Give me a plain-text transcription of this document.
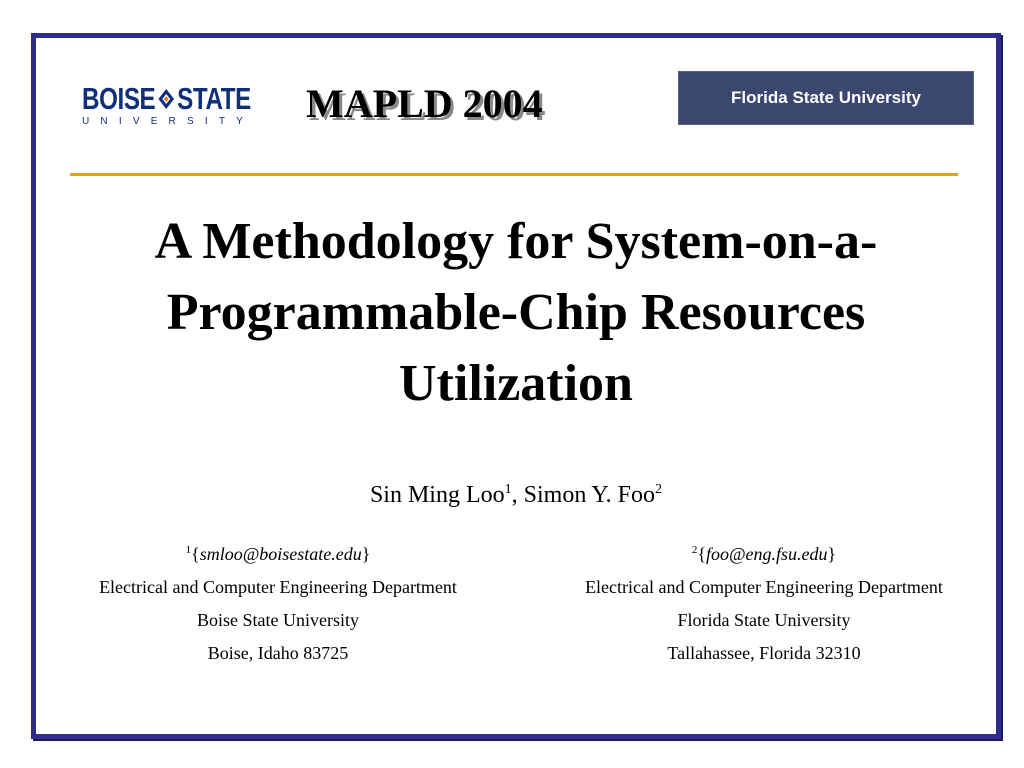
BOISE STATE
UNIVERSITY MAPLD 2004	Florida State University
A Methodology for System-on-a-
Programmable-Chip Resources
Utilization
Sin Ming Loo$^1$, Simon Y. Foo$^2$
$^1${smloo@boisestate.edu}
Electrical and Computer Engineering Department
Boise State University
Boise, Idaho 83725
$^2${foo@eng.fsu.edu}
Electrical and Computer Engineering Department
Florida State University
Tallahassee, Florida 32310
